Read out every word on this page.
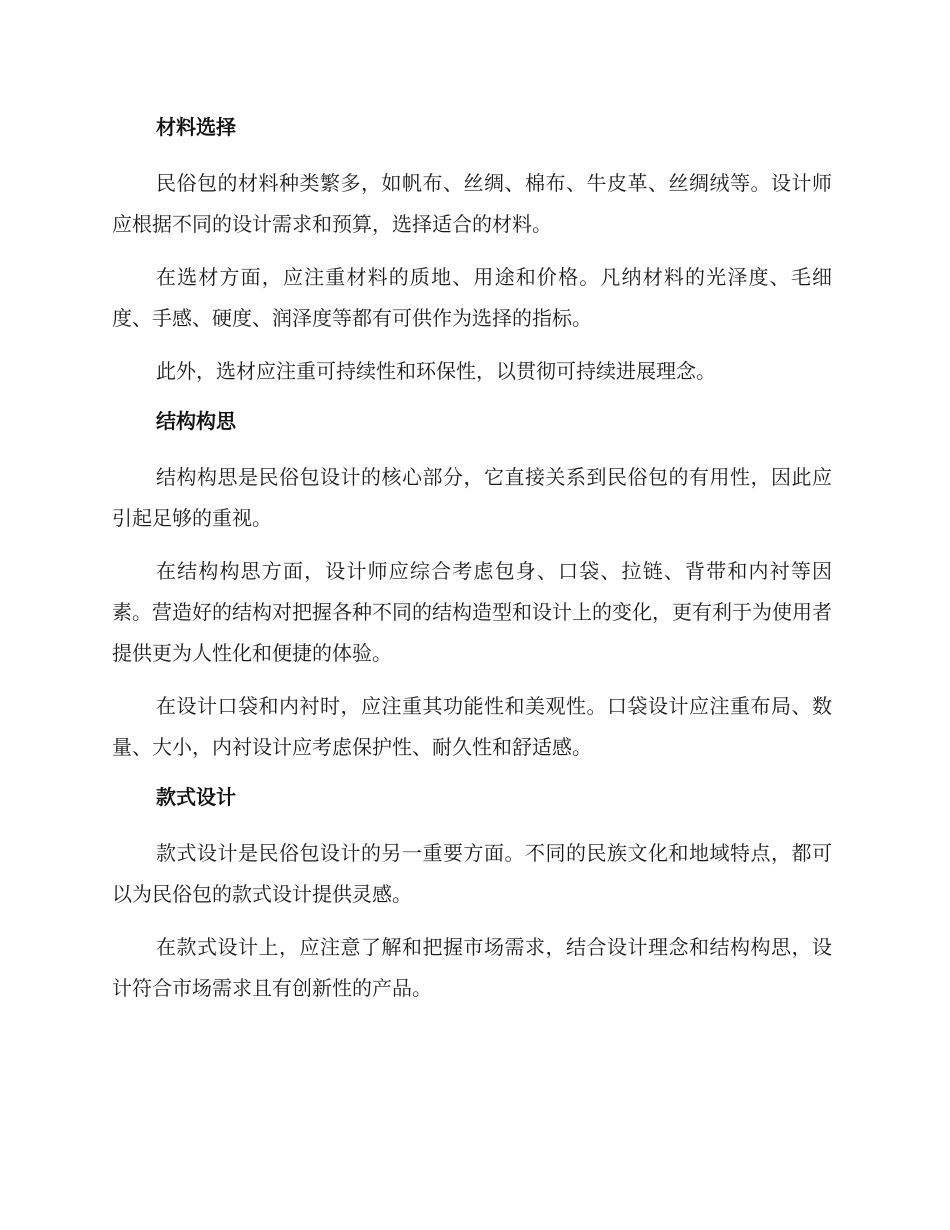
材料选择

民俗包的材料种类繁多，如帆布、丝绸、棉布、牛皮革、丝绸绒等。设计师应根据不同的设计需求和预算，选择适合的材料。

在选材方面，应注重材料的质地、用途和价格。凡纳材料的光泽度、毛细度、手感、硬度、润泽度等都有可供作为选择的指标。

此外，选材应注重可持续性和环保性，以贯彻可持续进展理念。

结构构思

结构构思是民俗包设计的核心部分，它直接关系到民俗包的有用性，因此应引起足够的重视。

在结构构思方面，设计师应综合考虑包身、口袋、拉链、背带和内衬等因素。营造好的结构对把握各种不同的结构造型和设计上的变化，更有利于为使用者提供更为人性化和便捷的体验。

在设计口袋和内衬时，应注重其功能性和美观性。口袋设计应注重布局、数量、大小，内衬设计应考虑保护性、耐久性和舒适感。

款式设计

款式设计是民俗包设计的另一重要方面。不同的民族文化和地域特点，都可以为民俗包的款式设计提供灵感。

在款式设计上，应注意了解和把握市场需求，结合设计理念和结构构思，设计符合市场需求且有创新性的产品。
